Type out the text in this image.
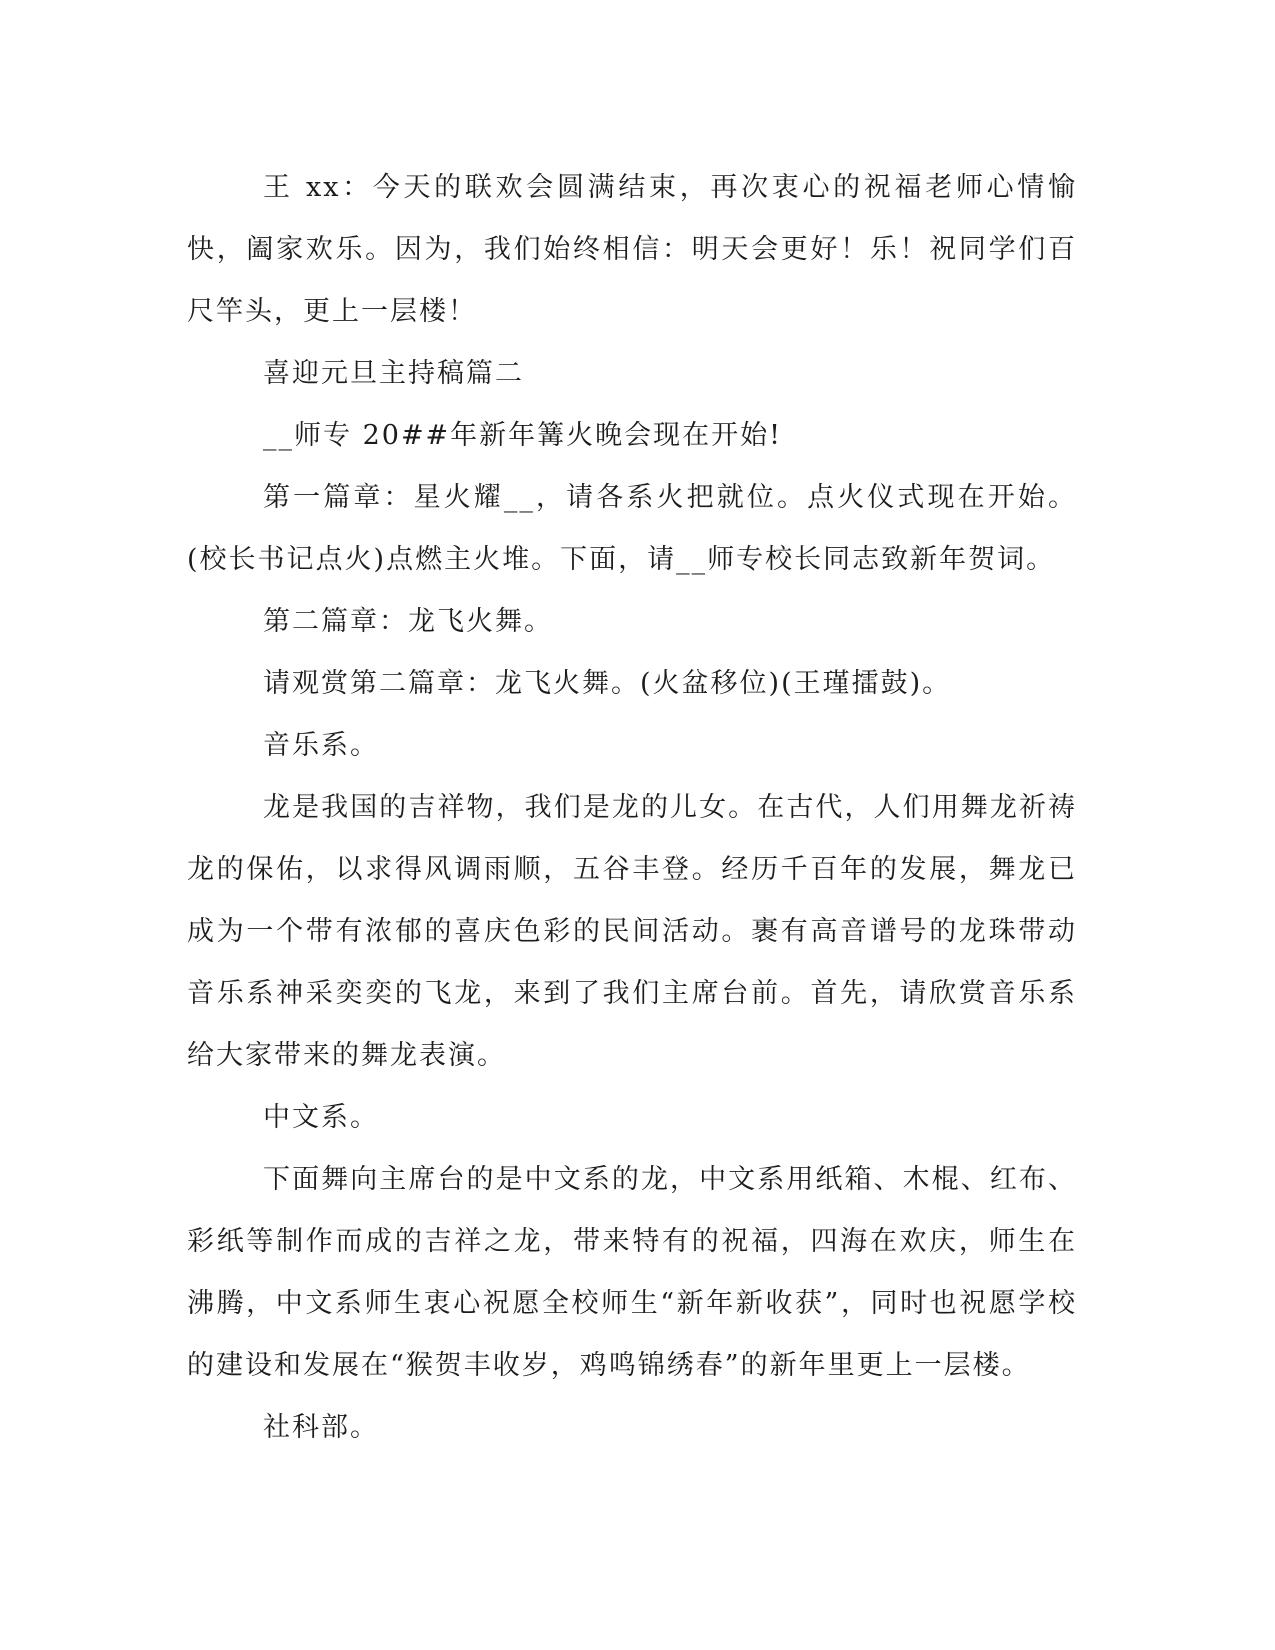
王 xx：今天的联欢会圆满结束，再次衷心的祝福老师心情愉快，阖家欢乐。因为，我们始终相信：明天会更好！乐！祝同学们百尺竿头，更上一层楼！

喜迎元旦主持稿篇二

__师专 20##年新年篝火晚会现在开始!

第一篇章：星火耀__，请各系火把就位。点火仪式现在开始。(校长书记点火)点燃主火堆。下面，请__师专校长同志致新年贺词。

第二篇章：龙飞火舞。

请观赏第二篇章：龙飞火舞。(火盆移位)(王瑾擂鼓)。

音乐系。

龙是我国的吉祥物，我们是龙的儿女。在古代，人们用舞龙祈祷龙的保佑，以求得风调雨顺，五谷丰登。经历千百年的发展，舞龙已成为一个带有浓郁的喜庆色彩的民间活动。裹有高音谱号的龙珠带动音乐系神采奕奕的飞龙，来到了我们主席台前。首先，请欣赏音乐系给大家带来的舞龙表演。

中文系。

下面舞向主席台的是中文系的龙，中文系用纸箱、木棍、红布、彩纸等制作而成的吉祥之龙，带来特有的祝福，四海在欢庆，师生在沸腾，中文系师生衷心祝愿全校师生“新年新收获”，同时也祝愿学校的建设和发展在“猴贺丰收岁，鸡鸣锦绣春”的新年里更上一层楼。

社科部。
